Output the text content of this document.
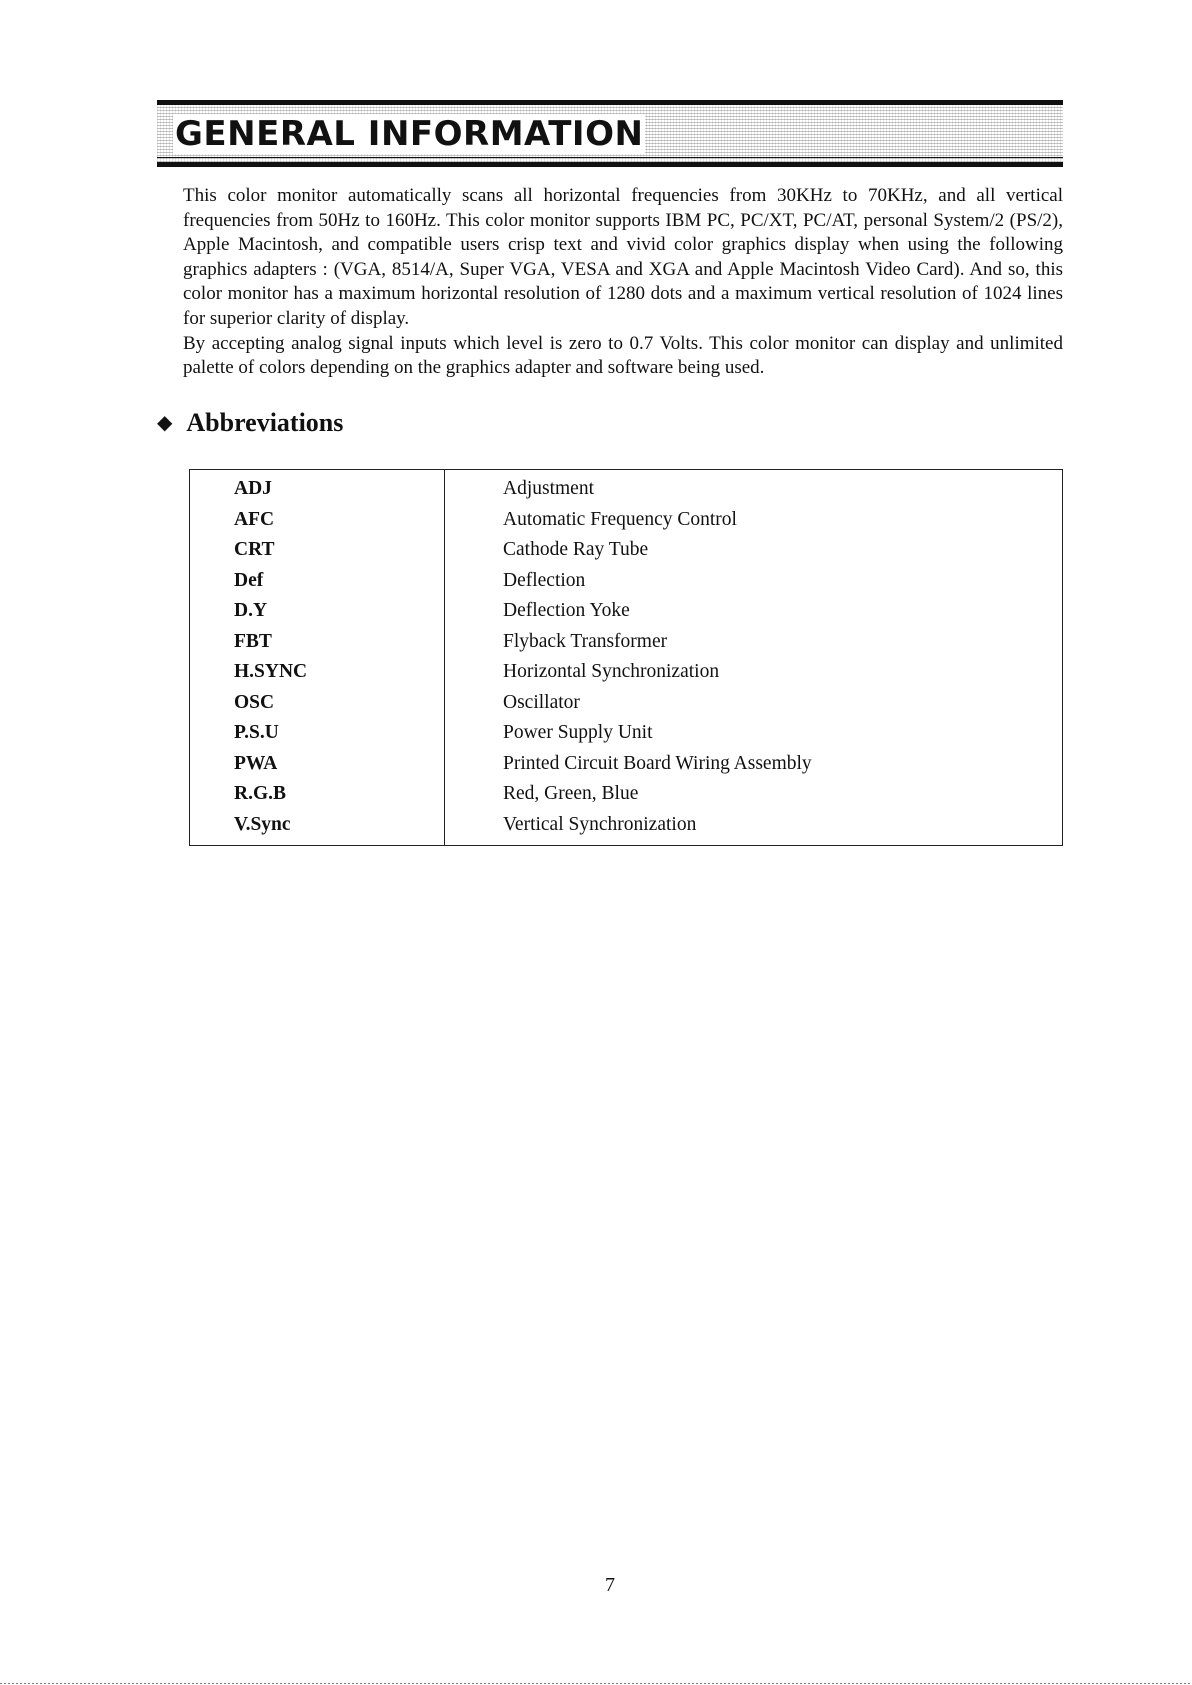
GENERAL INFORMATION

This color monitor automatically scans all horizontal frequencies from 30KHz to 70KHz, and all vertical frequencies from 50Hz to 160Hz. This color monitor supports IBM PC, PC/XT, PC/AT, personal System/2 (PS/2), Apple Macintosh, and compatible users crisp text and vivid color graphics display when using the following graphics adapters : (VGA, 8514/A, Super VGA, VESA and XGA and Apple Macintosh Video Card). And so, this color monitor has a maximum horizontal resolution of 1280 dots and a maximum vertical resolution of 1024 lines for superior clarity of display.

By accepting analog signal inputs which level is zero to 0.7 Volts. This color monitor can display and unlimited palette of colors depending on the graphics adapter and software being used.

◆ Abbreviations
ADJ	Adjustment
AFC	Automatic Frequency Control
CRT	Cathode Ray Tube
Def	Deflection
D.Y	Deflection Yoke
FBT	Flyback Transformer
H.SYNC	Horizontal Synchronization
OSC	Oscillator
P.S.U	Power Supply Unit
PWA	Printed Circuit Board Wiring Assembly
R.G.B	Red, Green, Blue
V.Sync	Vertical Synchronization
7
